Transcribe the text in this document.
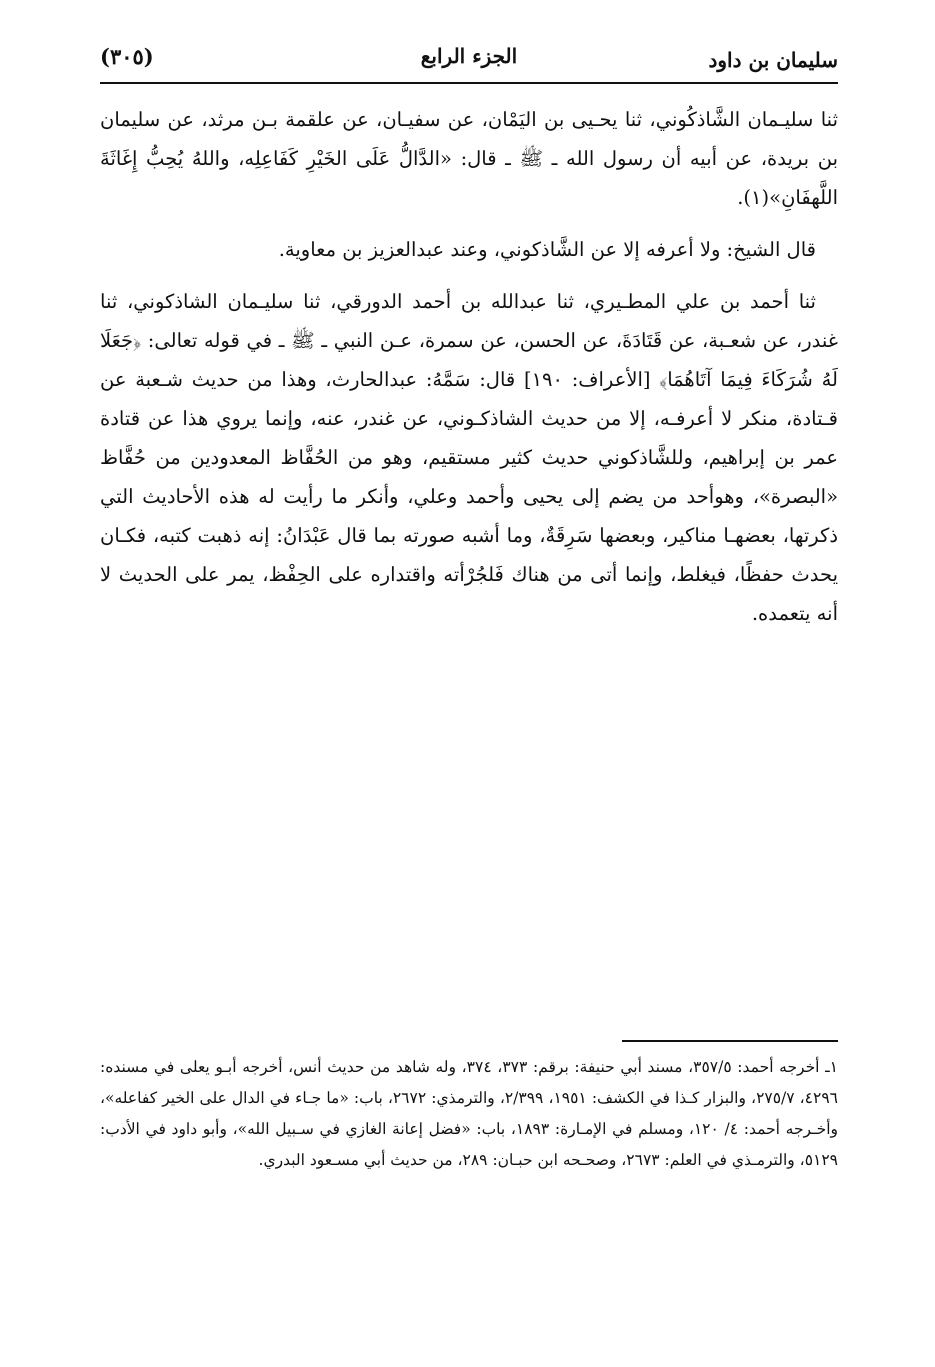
سليمان بن داود
الجزء الرابع
(٣٠٥)

ثنا سليـمان الشَّاذكُوني، ثنا يحـيى بن اليَمْان، عن سفيـان، عن علقمة بـن مرثد، عن سليمان بن بريدة، عن أبيه أن رسول الله ـ ﷺ ـ قال: «الدَّالُّ عَلَى الخَيْرِ كَفَاعِلِه، واللهُ يُحِبُّ إِغَاثَةَ اللَّهفَانِ»(١).

قال الشيخ: ولا أعرفه إلا عن الشَّاذكوني، وعند عبدالعزيز بن معاوية.

ثنا أحمد بن علي المطـيري، ثنا عبدالله بن أحمد الدورقي، ثنا سليـمان الشاذكوني، ثنا غندر، عن شعـبة، عن قَتَادَةَ، عن الحسن، عن سمرة، عـن النبي ـ ﷺ ـ في قوله تعالى: ﴿جَعَلَا لَهُ شُرَكَاءَ فِيمَا آتَاهُمَا﴾ [الأعراف: ١٩٠] قال: سَمَّهُ: عبدالحارث، وهذا من حديث شـعبة عن قـتادة، منكر لا أعرفـه، إلا من حديث الشاذكـوني، عن غندر، عنه، وإنما يروي هذا عن قتادة عمر بن إبراهيم، وللشَّاذكوني حديث كثير مستقيم، وهو من الحُفَّاظ المعدودين من حُفَّاظ «البصرة»، وهوأحد من يضم إلى يحيى وأحمد وعلي، وأنكر ما رأيت له هذه الأحاديث التي ذكرتها، بعضهـا مناكير، وبعضها سَرِقَةٌ، وما أشبه صورته بما قال عَبْدَانُ: إنه ذهبت كتبه، فكـان يحدث حفظًا، فيغلط، وإنما أتى من هناك فَلجُرْأته واقتداره على الحِفْظ، يمر على الحديث لا أنه يتعمده.

١ـ أخرجه أحمد: ٣٥٧/٥، مسند أبي حنيفة: برقم: ٣٧٣، ٣٧٤، وله شاهد من حديث أنس، أخرجه أبـو يعلى في مسنده: ٤٢٩٦، ٢٧٥/٧، والبزار كـذا في الكشف: ١٩٥١، ٢/٣٩٩، والترمذي: ٢٦٧٢، باب: «ما جـاء في الدال على الخير كفاعله»، وأخـرجه أحمد: ٤/ ١٢٠، ومسلم في الإمـارة: ١٨٩٣، باب: «فضل إعانة الغازي في سـبيل الله»، وأبو داود في الأدب: ٥١٢٩، والترمـذي في العلم: ٢٦٧٣، وصحـحه ابن حبـان: ٢٨٩، من حديث أبي مسـعود البدري.
